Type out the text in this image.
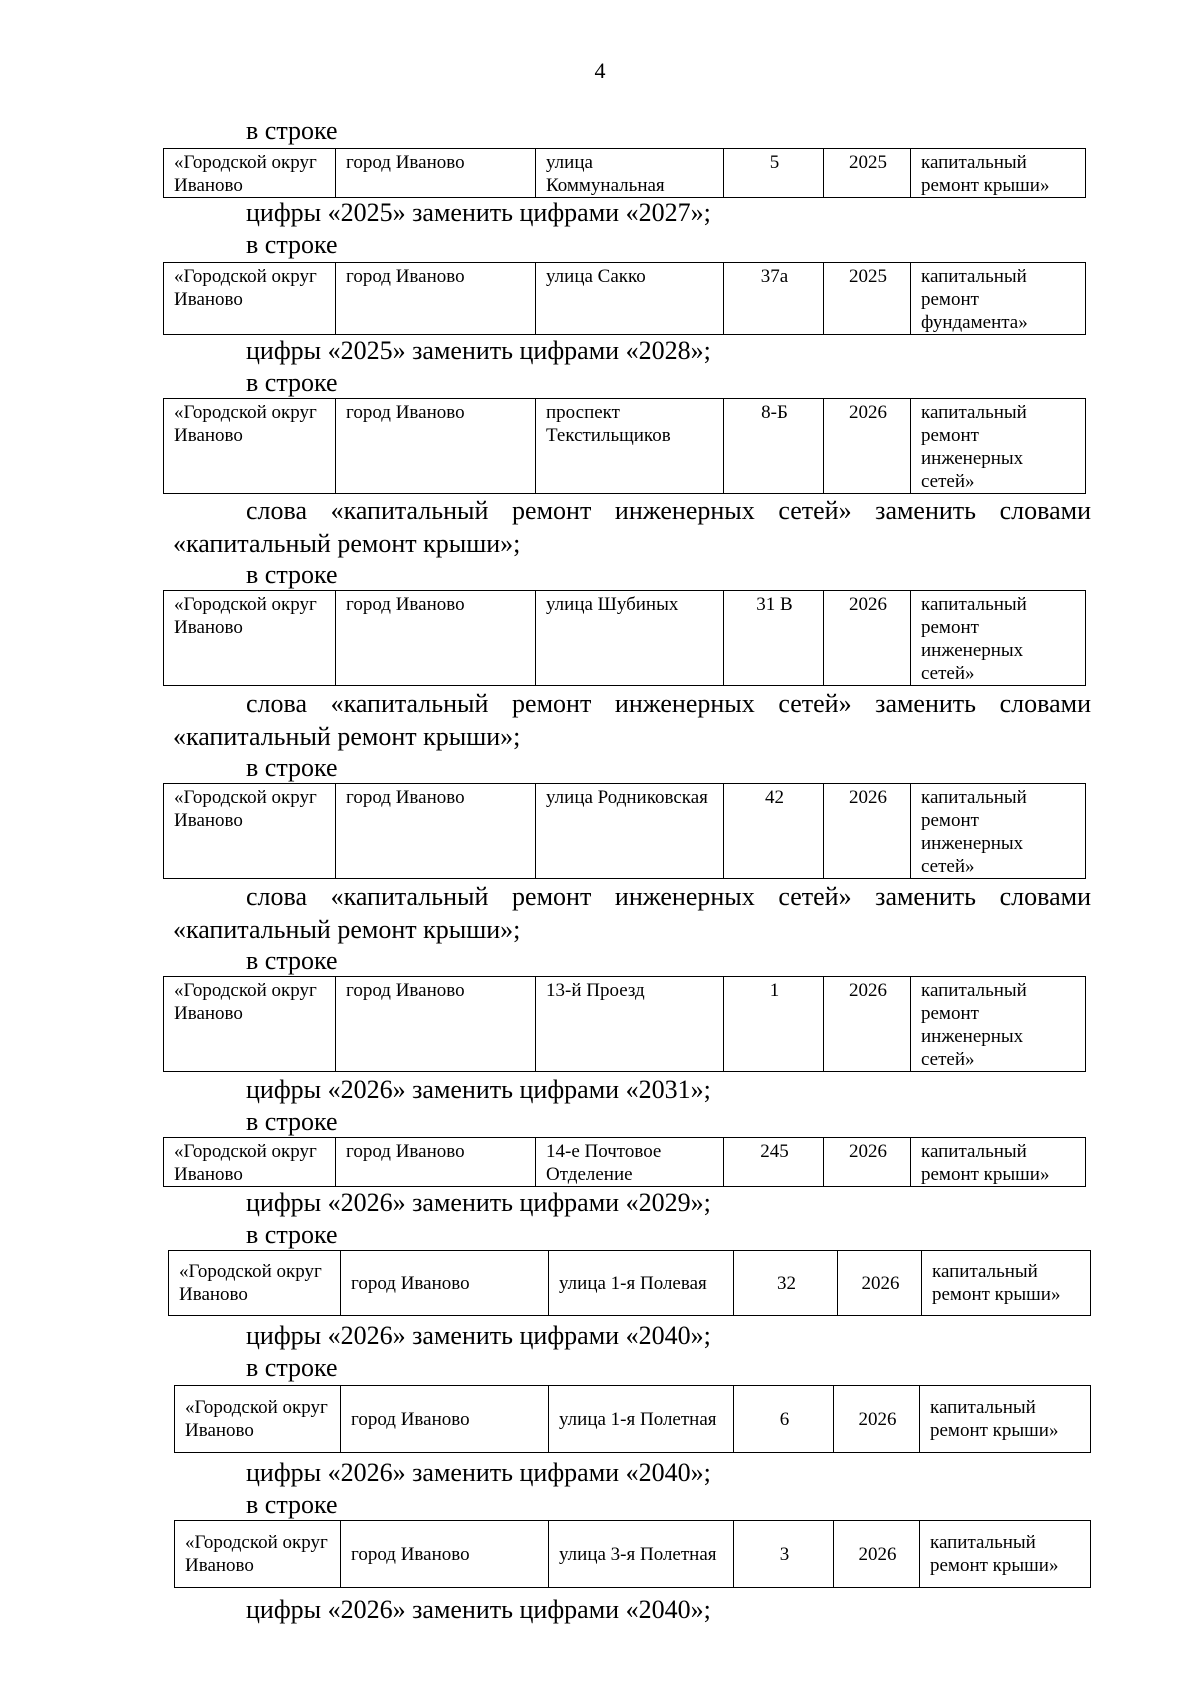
4
в строке
«Городской округ Иваново	город Иваново	улица Коммунальная	5	2025	капитальный ремонт крыши»
цифры «2025» заменить цифрами «2027»;
в строке
«Городской округ Иваново	город Иваново	улица Сакко	37а	2025	капитальный ремонт фундамента»
цифры «2025» заменить цифрами «2028»;
в строке
«Городской округ Иваново	город Иваново	проспект Текстильщиков	8-Б	2026	капитальный ремонт инженерных сетей»
слова «капитальный ремонт инженерных сетей» заменить словами
«капитальный ремонт крыши»;
в строке
«Городской округ Иваново	город Иваново	улица Шубиных	31 В	2026	капитальный ремонт инженерных сетей»
слова «капитальный ремонт инженерных сетей» заменить словами
«капитальный ремонт крыши»;
в строке
«Городской округ Иваново	город Иваново	улица Родниковская	42	2026	капитальный ремонт инженерных сетей»
слова «капитальный ремонт инженерных сетей» заменить словами
«капитальный ремонт крыши»;
в строке
«Городской округ Иваново	город Иваново	13-й Проезд	1	2026	капитальный ремонт инженерных сетей»
цифры «2026» заменить цифрами «2031»;
в строке
«Городской округ Иваново	город Иваново	14-е Почтовое Отделение	245	2026	капитальный ремонт крыши»
цифры «2026» заменить цифрами «2029»;
в строке
«Городской округ Иваново	город Иваново	улица 1-я Полевая	32	2026	капитальный ремонт крыши»
цифры «2026» заменить цифрами «2040»;
в строке
«Городской округ Иваново	город Иваново	улица 1-я Полетная	6	2026	капитальный ремонт крыши»
цифры «2026» заменить цифрами «2040»;
в строке
«Городской округ Иваново	город Иваново	улица 3-я Полетная	3	2026	капитальный ремонт крыши»
цифры «2026» заменить цифрами «2040»;
